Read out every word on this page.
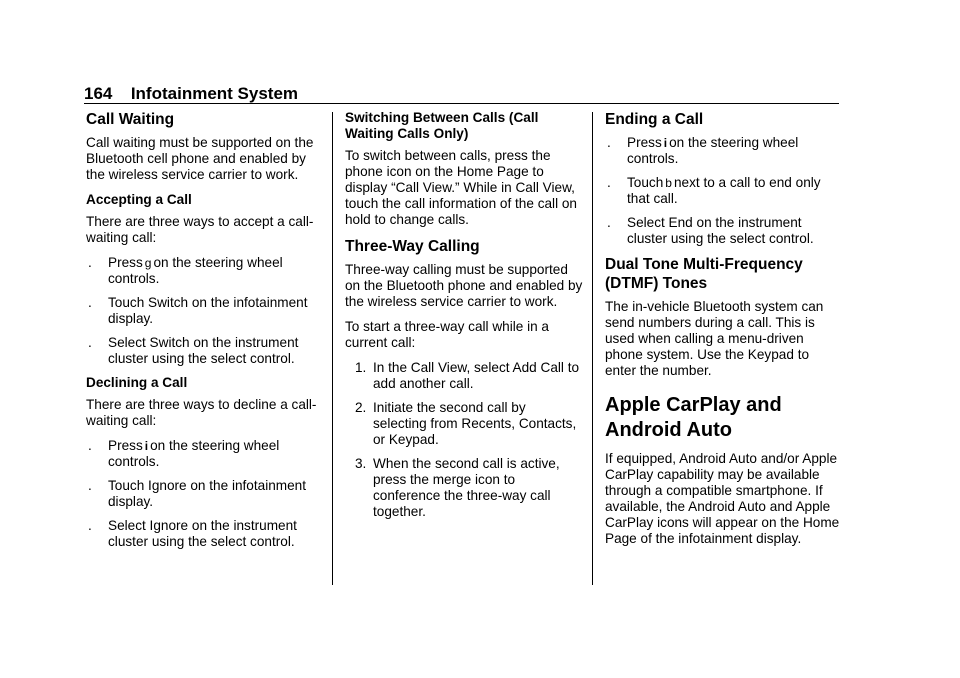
164 Infotainment System
Call Waiting

Call waiting must be supported on the Bluetooth cell phone and enabled by the wireless service carrier to work.

Accepting a Call

There are three ways to accept a call-waiting call:

. Press g on the steering wheel controls.
. Touch Switch on the infotainment display.
. Select Switch on the instrument cluster using the select control.
Declining a Call

There are three ways to decline a call-waiting call:

. Press i on the steering wheel controls.
. Touch Ignore on the infotainment display.
. Select Ignore on the instrument cluster using the select control.
Switching Between Calls (Call Waiting Calls Only)

To switch between calls, press the phone icon on the Home Page to display “Call View.” While in Call View, touch the call information of the call on hold to change calls.

Three-Way Calling

Three-way calling must be supported on the Bluetooth phone and enabled by the wireless service carrier to work.

To start a three-way call while in a current call:

1. In the Call View, select Add Call to add another call.
2. Initiate the second call by selecting from Recents, Contacts, or Keypad.
3. When the second call is active, press the merge icon to conference the three-way call together.
Ending a Call
. Press i on the steering wheel controls.
. Touch b next to a call to end only that call.
. Select End on the instrument cluster using the select control.
Dual Tone Multi-Frequency (DTMF) Tones

The in-vehicle Bluetooth system can send numbers during a call. This is used when calling a menu-driven phone system. Use the Keypad to enter the number.

Apple CarPlay and Android Auto

If equipped, Android Auto and/or Apple CarPlay capability may be available through a compatible smartphone. If available, the Android Auto and Apple CarPlay icons will appear on the Home Page of the infotainment display.
